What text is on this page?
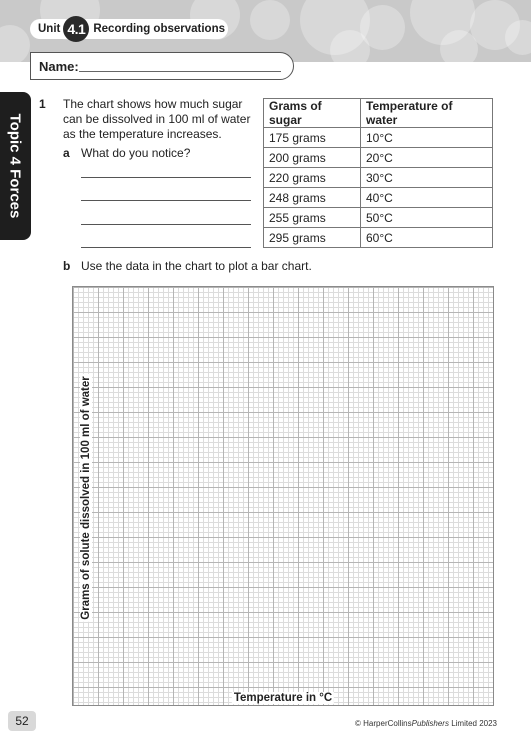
Unit 4.1 Recording observations
Name:
Topic 4 Forces
1 The chart shows how much sugar can be dissolved in 100 ml of water as the temperature increases.
a What do you notice?
Grams of sugar	Temperature of water
175 grams	10°C
200 grams	20°C
220 grams	30°C
248 grams	40°C
255 grams	50°C
295 grams	60°C
b Use the data in the chart to plot a bar chart.
Grams of solute dissolved in 100 ml of water
Temperature in °C
52	© HarperCollinsPublishers Limited 2023
